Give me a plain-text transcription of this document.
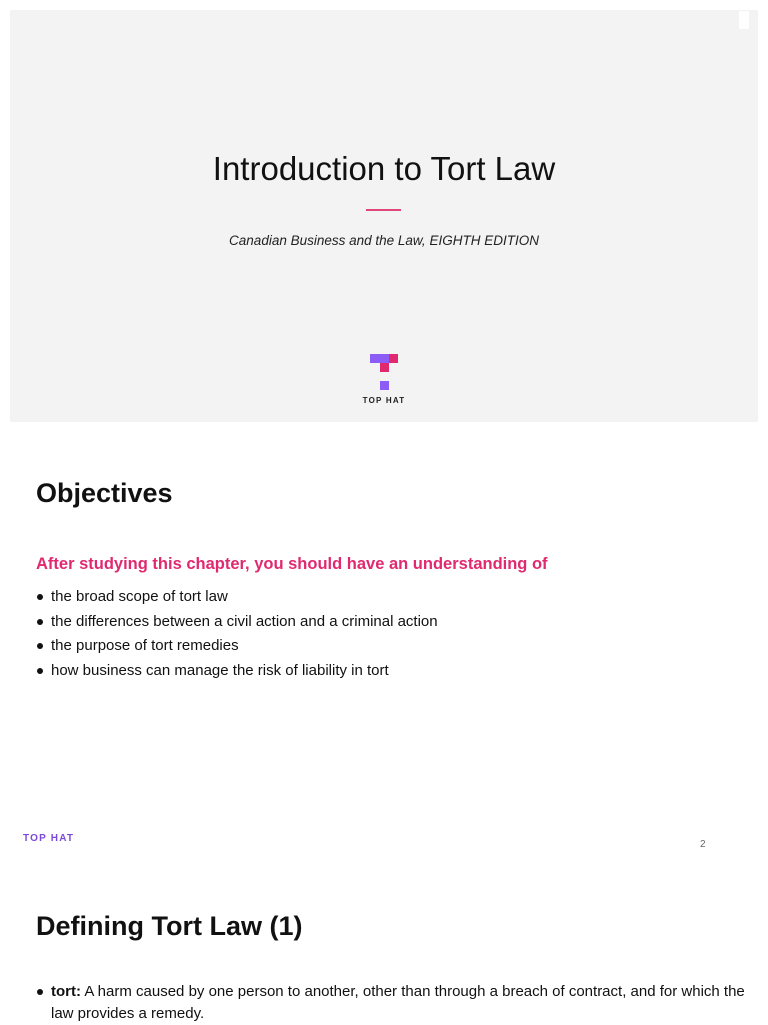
Introduction to Tort Law
Canadian Business and the Law, EIGHTH EDITION
TOP HAT
Objectives
After studying this chapter, you should have an understanding of
the broad scope of tort law
the differences between a civil action and a criminal action
the purpose of tort remedies
how business can manage the risk of liability in tort
TOP HAT
2
Defining Tort Law (1)
tort: A harm caused by one person to another, other than through a breach of contract, and for which the law provides a remedy.
